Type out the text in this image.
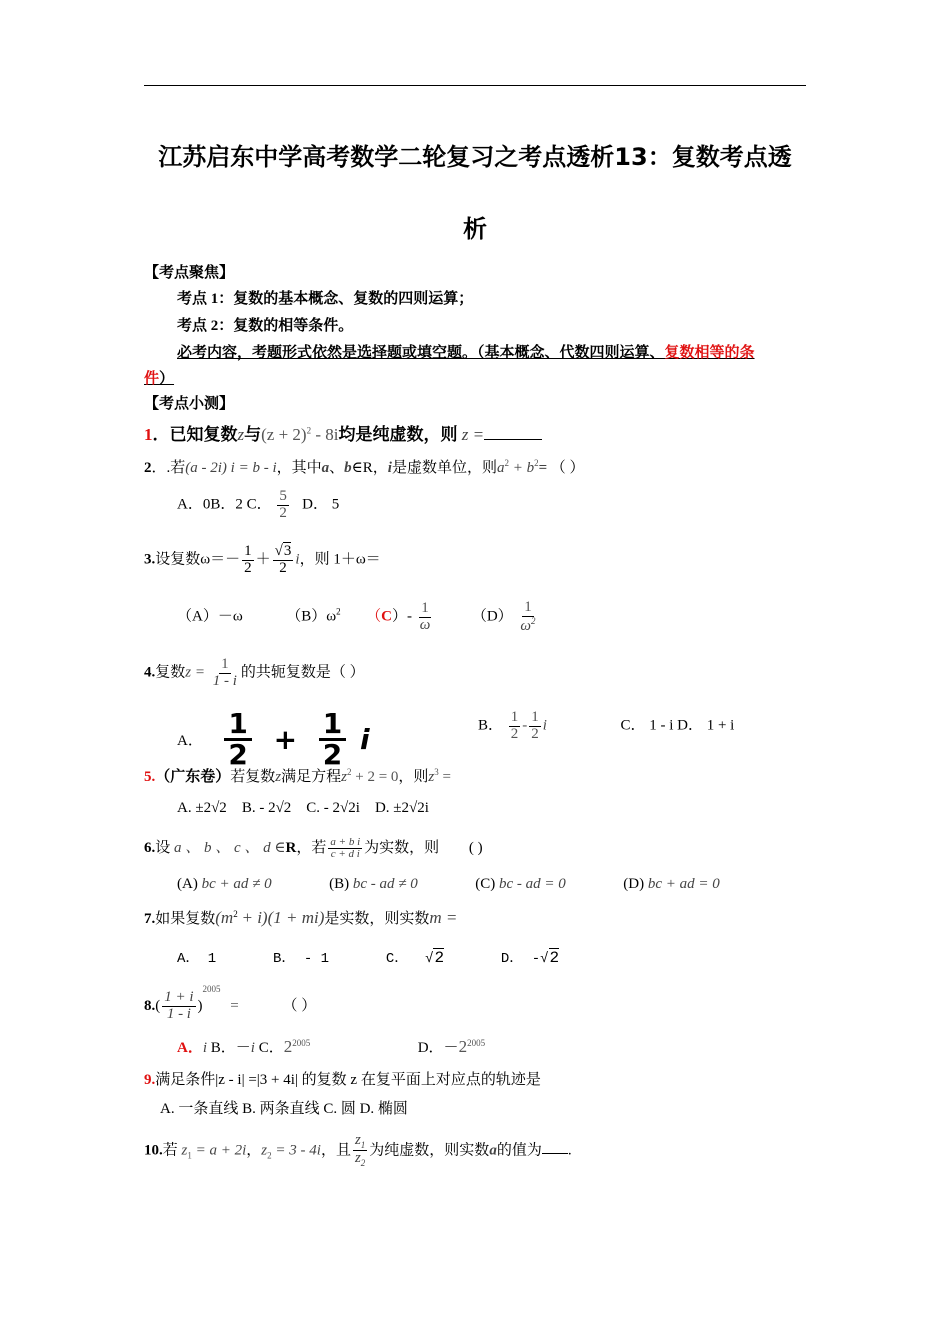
江苏启东中学高考数学二轮复习之考点透析13：复数考点透
析
【考点聚焦】
考点 1：复数的基本概念、复数的四则运算；
考点 2：复数的相等条件。
必考内容，考题形式依然是选择题或填空题。（基本概念、代数四则运算、复数相等的条
件）
【考点小测】
1．已知复数z与$(z + 2)^2 - 8i$均是纯虚数，则 z =
2．.若(a - 2i) i = b - i，其中a、b∈R，i是虚数单位，则$a^2 + b^2=$ （ ）
A．0B．2 C． $\frac{5}{2}$ D． 5
3.设复数$\omega=- \frac{1}{2} + \frac{√3}{2}$ i，则 1＋ω＝
（A）－ω	$(B)\omega^2$ $(C)- \frac{1}{\omega}$	$(D) \frac{1}{\omega^2}$
4.复数$z = \frac{1}{1 - i}$ 的共轭复数是（ ）
A． $\frac{1}{2} + \frac{1}{2}$ i	B． $\frac{1}{2} - \frac{1}{2}$ i	C． 1 - i D． 1 + i
5.（广东卷）若复数z满足方程$z^2 + 2 = 0$，则$z^3$ =
A. ±2√2 B. - 2√2 C. - 2√2i D. ±2√2i
6.设 a 、 b 、 c 、 d ∈R，若 $\frac{\text{a + b i}}{\text{c + d i}}$ 为实数，则 ( )
(A) bc + ad ≠ 0	(B) bc - ad ≠ 0	(C) bc - ad = 0	(D) bc + ad = 0
7.如果复数$(m^2 + i)(1 + mi)$是实数，则实数m =
A． 1	B． - 1	C．  √2	D． -√2
$8.( \frac{1 + i}{1 - i} )^{2005}$ =	（ ）
A．i B．－i C．$2^{2005}$	D．$-2^{2005}$
9.满足条件|z - i| =|3 + 4i| 的复数 z 在复平面上对应点的轨迹是
A. 一条直线 B. 两条直线 C. 圆 D. 椭圆
10.若 $z_1 = a + 2i$，$z_2 = 3 - 4i$，且 $\frac{z_1}{z_2}$ 为纯虚数，则实数a的值为 .
